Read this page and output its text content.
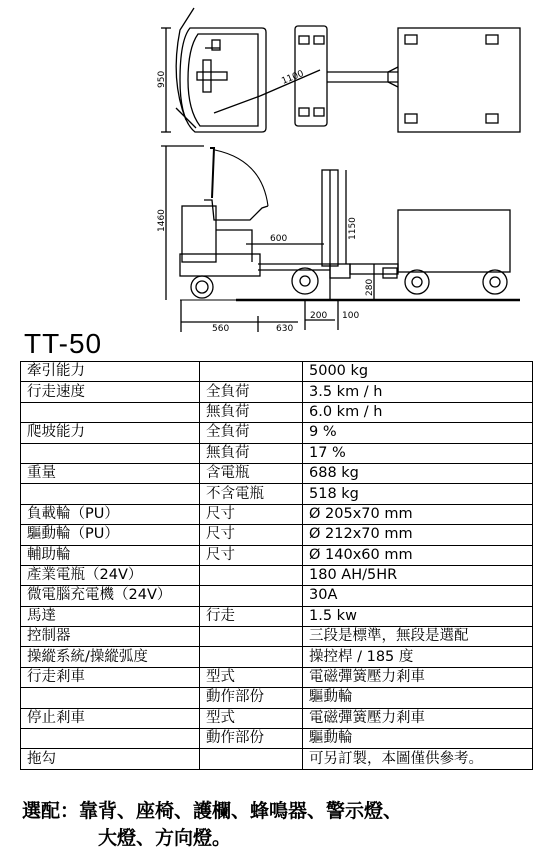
1100
950
1460
600	1150
280
200 100
560	630
TT-50
牽引能力		5000 kg
行走速度	全負荷	3.5 km / h
	無負荷	6.0 km / h
爬坡能力	全負荷	9 %
	無負荷	17 %
重量	含電瓶	688 kg
	不含電瓶	518 kg
負載輪（PU）	尺寸	Ø 205x70 mm
驅動輪（PU）	尺寸	Ø 212x70 mm
輔助輪	尺寸	Ø 140x60 mm
產業電瓶（24V）		180 AH/5HR
微電腦充電機（24V）		30A
馬達	行走	1.5 kw
控制器		三段是標準，無段是選配
操縱系統/操縱弧度		操控桿 / 185 度
行走剎車	型式	電磁彈簧壓力剎車
	動作部份	驅動輪
停止剎車	型式	電磁彈簧壓力剎車
	動作部份	驅動輪
拖勾		可另訂製，本圖僅供參考。
選配：靠背、座椅、護欄、蜂鳴器、警示燈、
大燈、方向燈。
